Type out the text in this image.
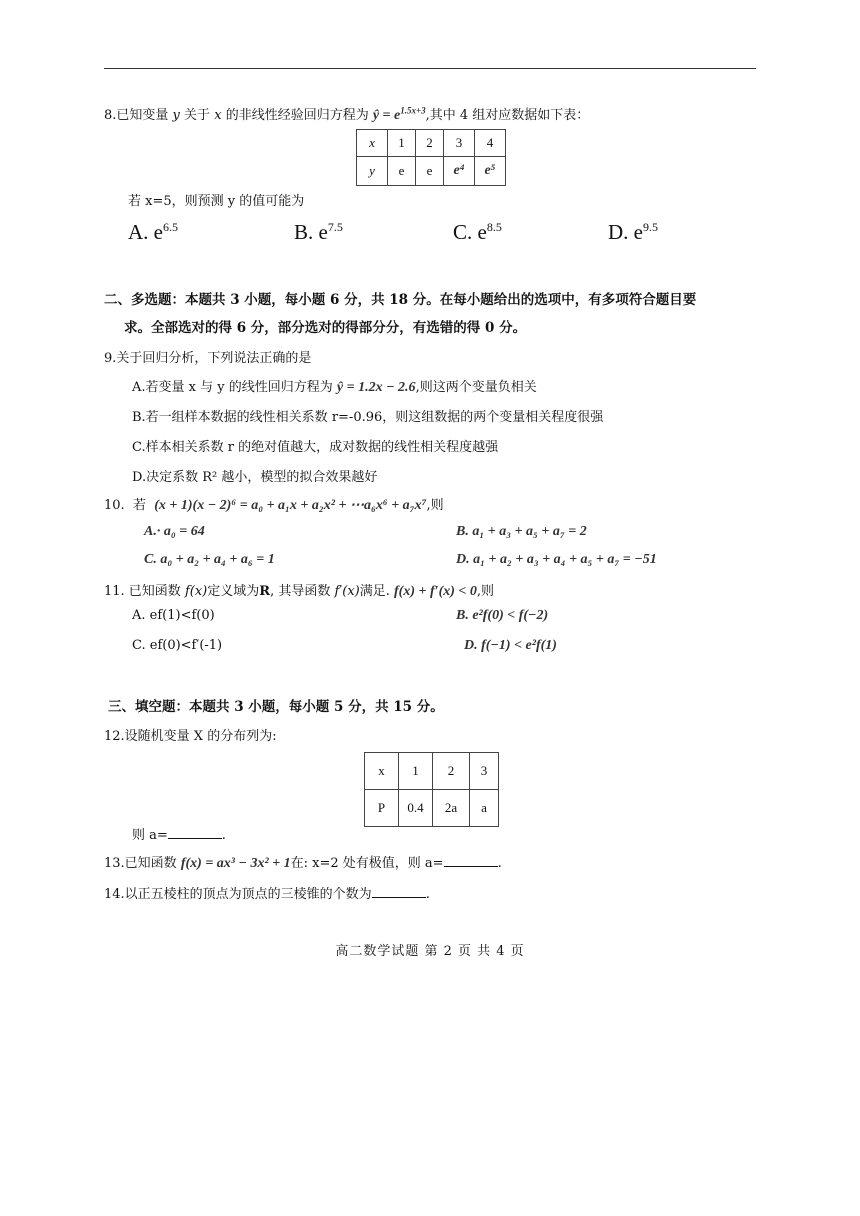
8.已知变量 y 关于 x 的非线性经验回归方程为 ŷ = $e^{1.5x+3}$,其中 4 组对应数据如下表：
x	1	2	3	4
y	e	e	e⁴	e⁵
若 x=5，则预测 y 的值可能为
A. $e^{6.5}$	B. $e^{7.5}$	C. $e^{8.5}$	D. $e^{9.5}$
二、多选题：本题共 3 小题，每小题 6 分，共 18 分。在每小题给出的选项中，有多项符合题目要
求。全部选对的得 6 分，部分选对的得部分分，有选错的得 0 分。
9.关于回归分析，下列说法正确的是
A.若变量 x 与 y 的线性回归方程为 ŷ = 1.2x − 2.6,则这两个变量负相关
B.若一组样本数据的线性相关系数 r=-0.96，则这组数据的两个变量相关程度很强
C.样本相关系数 r 的绝对值越大，成对数据的线性相关程度越强
D.决定系数 R² 越小，模型的拟合效果越好
10. 若 (x + 1)(x − 2)⁶ = a₀ + a₁x + a₂x² + ⋯a₆x⁶ + a₇x⁷,则
A.· a₀ = 64	B. a₁ + a₃ + a₅ + a₇ = 2
C. a₀ + a₂ + a₄ + a₆ = 1	D. a₁ + a₂ + a₃ + a₄ + a₅ + a₇ = −51
11. 已知函数 f(x)定义域为R, 其导函数 f′(x)满足. f(x) + f′(x) < 0,则
A. ef(1)<f(0)	B. e²f(0) < f(−2)
C. ef(0)<f′(-1)	D. f(−1) < e²f(1)
三、填空题：本题共 3 小题，每小题 5 分，共 15 分。
12.设随机变量 X 的分布列为:
x	1	2	3
P	0.4	2a	a
则 a=	.
13.已知函数 f(x) = ax³ − 3x² + 1在: x=2 处有极值，则 a=	.
14.以正五棱柱的顶点为顶点的三棱锥的个数为	.
高二数学试题 第 2 页 共 4 页
